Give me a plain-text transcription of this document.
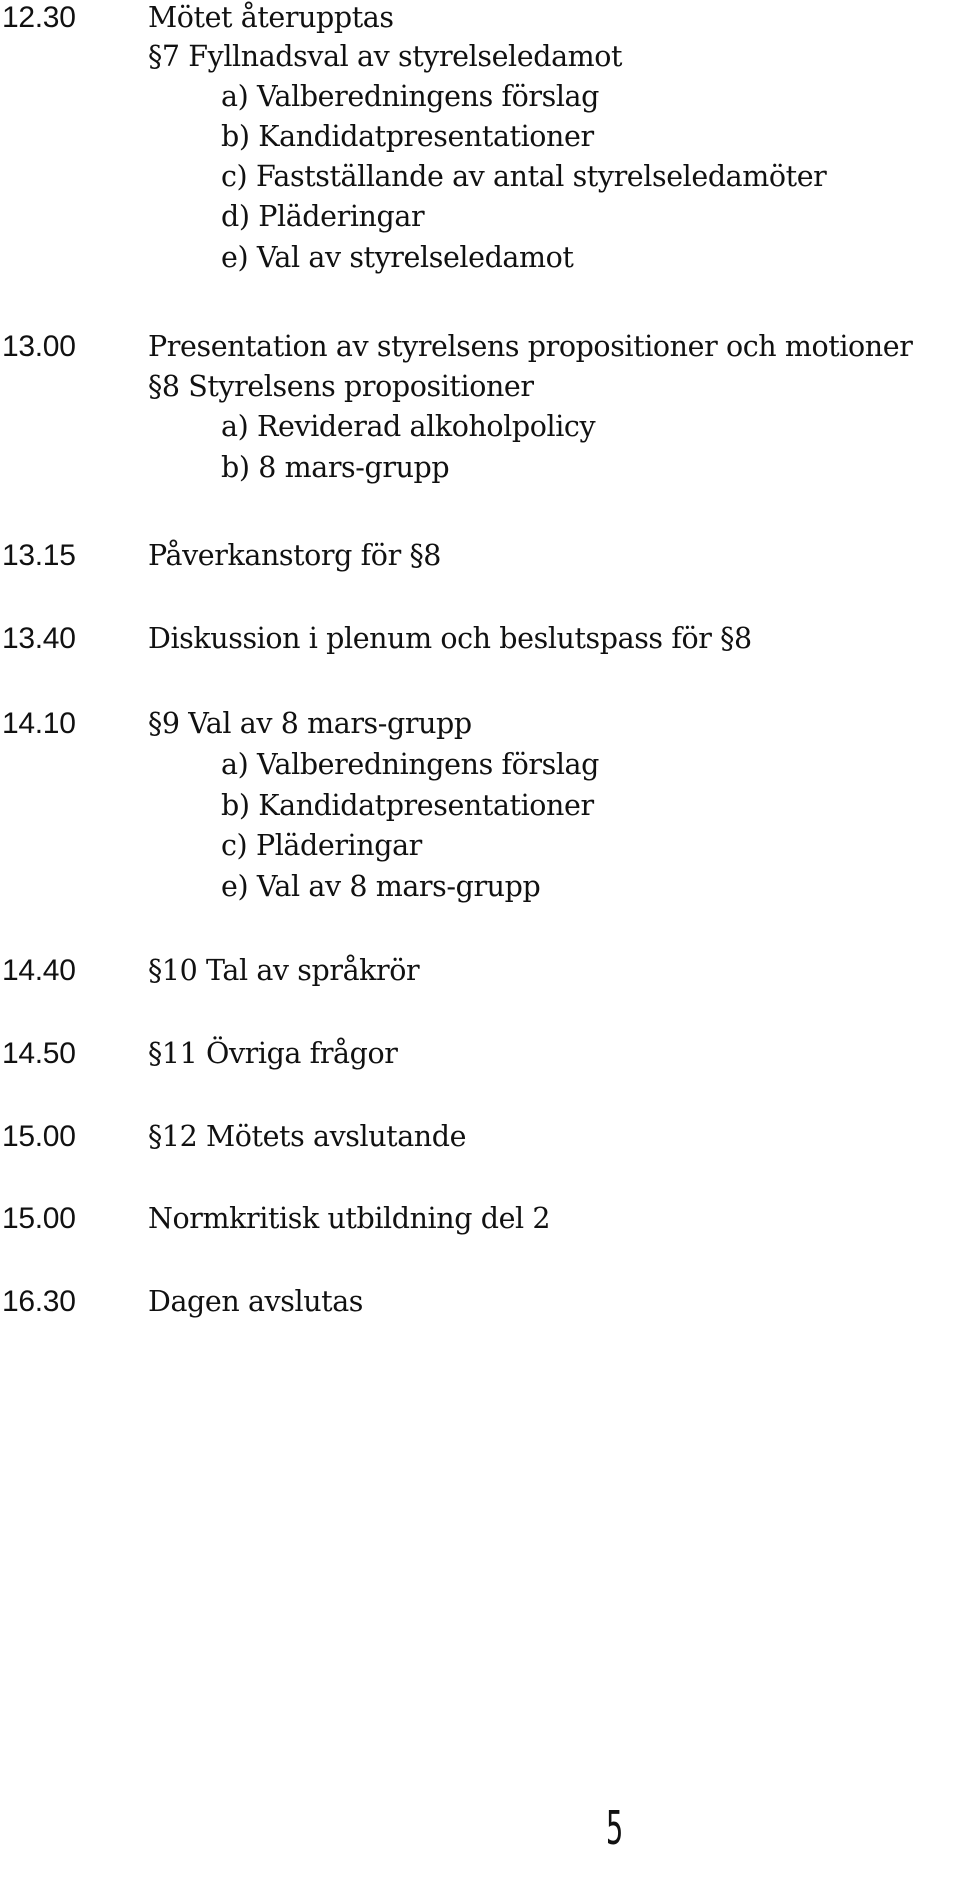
12.30	Mötet återupptas
§7 Fyllnadsval av styrelseledamot
a) Valberedningens förslag
b) Kandidatpresentationer
c) Fastställande av antal styrelseledamöter
d) Pläderingar
e) Val av styrelseledamot
13.00	Presentation av styrelsens propositioner och motioner
§8 Styrelsens propositioner
a) Reviderad alkoholpolicy
b) 8 mars-grupp
13.15	Påverkanstorg för §8
13.40	Diskussion i plenum och beslutspass för §8
14.10	§9 Val av 8 mars-grupp
a) Valberedningens förslag
b) Kandidatpresentationer
c) Pläderingar
e) Val av 8 mars-grupp
14.40	§10 Tal av språkrör
14.50	§11 Övriga frågor
15.00	§12 Mötets avslutande
15.00	Normkritisk utbildning del 2
16.30	Dagen avslutas
5
